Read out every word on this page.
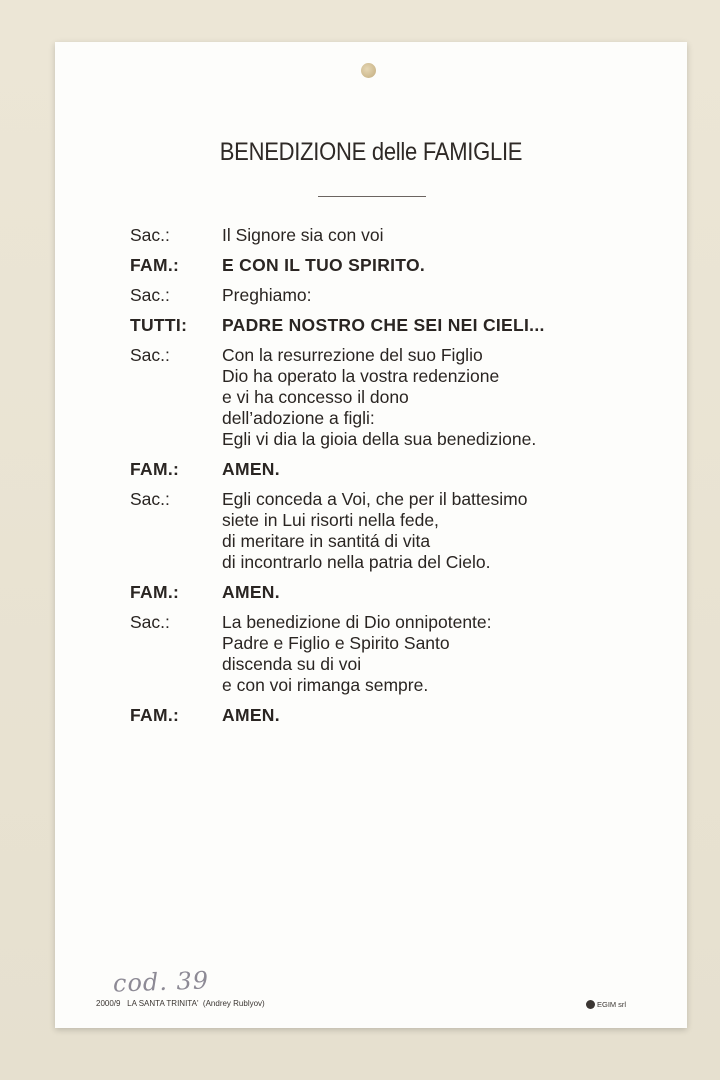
BENEDIZIONE delle FAMIGLIE
Sac.:	Il Signore sia con voi
FAM.:	E CON IL TUO SPIRITO.
Sac.:	Preghiamo:
TUTTI:	PADRE NOSTRO CHE SEI NEI CIELI...
Sac.:	Con la resurrezione del suo Figlio
Dio ha operato la vostra redenzione
e vi ha concesso il dono
dell’adozione a figli:
Egli vi dia la gioia della sua benedizione.
FAM.:	AMEN.
Sac.:	Egli conceda a Voi, che per il battesimo
siete in Lui risorti nella fede,
di meritare in santitá di vita
di incontrarlo nella patria del Cielo.
FAM.:	AMEN.
Sac.:	La benedizione di Dio onnipotente:
Padre e Figlio e Spirito Santo
discenda su di voi
e con voi rimanga sempre.
FAM.:	AMEN.
cod. 39
2000/9 LA SANTA TRINITA' (Andrey Rublyov)	EGIM srl
